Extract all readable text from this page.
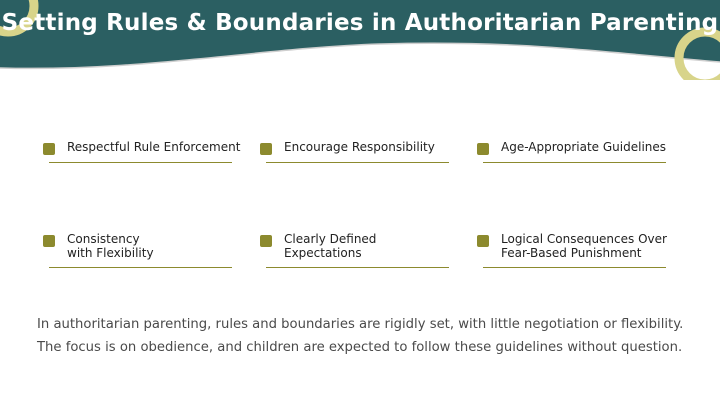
Setting Rules & Boundaries in Authoritarian Parenting
Respectful Rule Enforcement	Encourage Responsibility	Age-Appropriate Guidelines
Consistency
with Flexibility
Clearly Defined
Expectations
Logical Consequences Over
Fear-Based Punishment

In authoritarian parenting, rules and boundaries are rigidly set, with little negotiation or flexibility.

The focus is on obedience, and children are expected to follow these guidelines without question.
